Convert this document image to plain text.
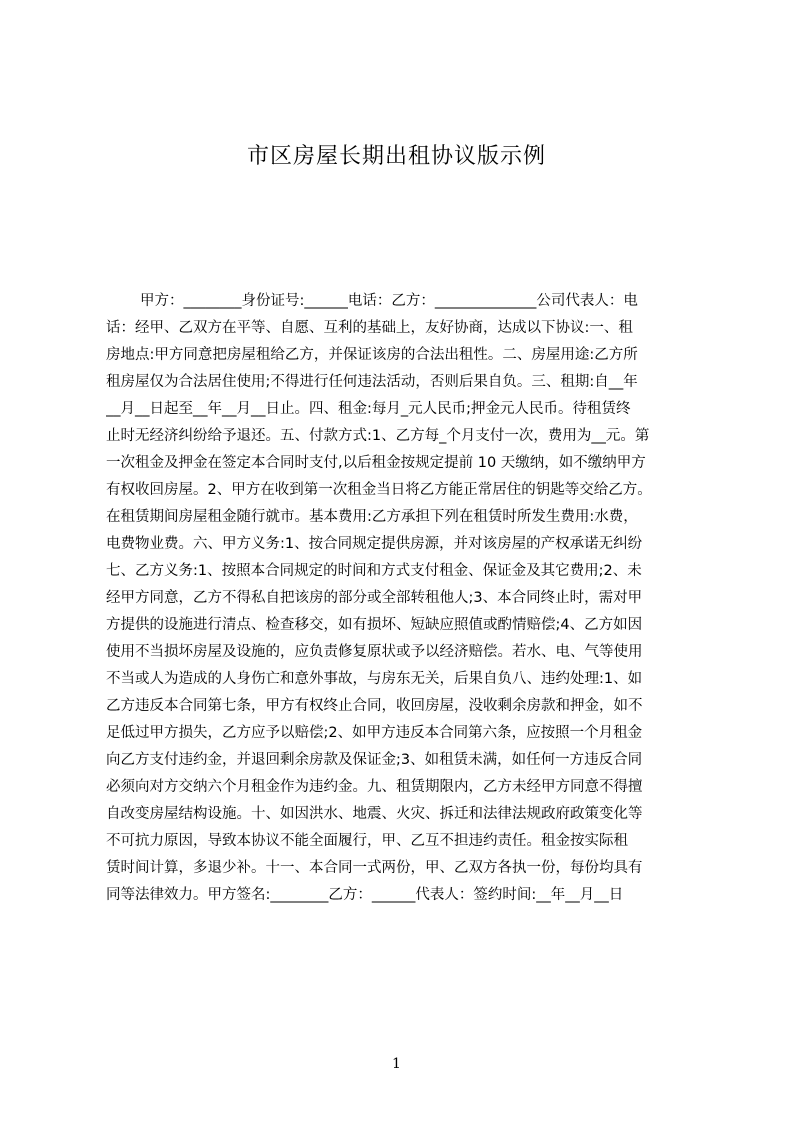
市区房屋长期出租协议版示例
甲方：________身份证号:______电话：乙方：______________公司代表人：电
话：经甲、乙双方在平等、自愿、互利的基础上，友好协商，达成以下协议:一、租
房地点:甲方同意把房屋租给乙方，并保证该房的合法出租性。二、房屋用途:乙方所
租房屋仅为合法居住使用;不得进行任何违法活动，否则后果自负。三、租期:自__年
__月__日起至__年__月__日止。四、租金:每月_元人民币;押金元人民币。待租赁终
止时无经济纠纷给予退还。五、付款方式:1、乙方每_个月支付一次，费用为__元。第
一次租金及押金在签定本合同时支付,以后租金按规定提前 10 天缴纳，如不缴纳甲方
有权收回房屋。2、甲方在收到第一次租金当日将乙方能正常居住的钥匙等交给乙方。
在租赁期间房屋租金随行就市。基本费用:乙方承担下列在租赁时所发生费用:水费，
电费物业费。六、甲方义务:1、按合同规定提供房源，并对该房屋的产权承诺无纠纷
七、乙方义务:1、按照本合同规定的时间和方式支付租金、保证金及其它费用;2、未
经甲方同意，乙方不得私自把该房的部分或全部转租他人;3、本合同终止时，需对甲
方提供的设施进行清点、检查移交，如有损坏、短缺应照值或酌情赔偿;4、乙方如因
使用不当损坏房屋及设施的，应负责修复原状或予以经济赔偿。若水、电、气等使用
不当或人为造成的人身伤亡和意外事故，与房东无关，后果自负八、违约处理:1、如
乙方违反本合同第七条，甲方有权终止合同，收回房屋，没收剩余房款和押金，如不
足低过甲方损失，乙方应予以赔偿;2、如甲方违反本合同第六条，应按照一个月租金
向乙方支付违约金，并退回剩余房款及保证金;3、如租赁未满，如任何一方违反合同
必须向对方交纳六个月租金作为违约金。九、租赁期限内，乙方未经甲方同意不得擅
自改变房屋结构设施。十、如因洪水、地震、火灾、拆迁和法律法规政府政策变化等
不可抗力原因，导致本协议不能全面履行，甲、乙互不担违约责任。租金按实际租
赁时间计算，多退少补。十一、本合同一式两份，甲、乙双方各执一份，每份均具有
同等法律效力。甲方签名:________乙方：______代表人：签约时间:__年__月__日
1
